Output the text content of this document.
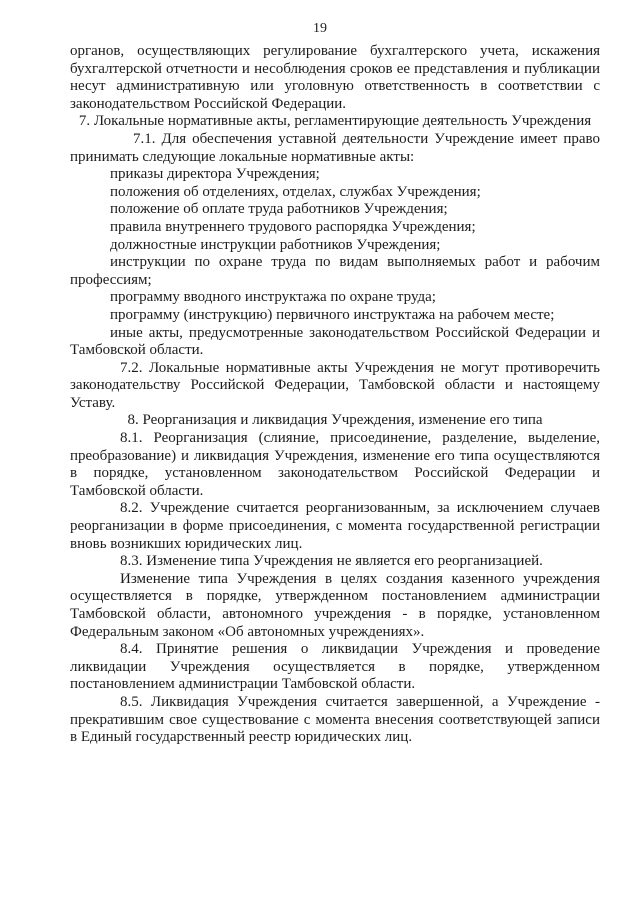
19

органов, осуществляющих регулирование бухгалтерского учета, искажения бухгалтерской отчетности и несоблюдения сроков ее представления и публикации несут административную или уголовную ответственность в соответствии с законодательством Российской Федерации.

7. Локальные нормативные акты, регламентирующие деятельность Учреждения

7.1. Для обеспечения уставной деятельности Учреждение имеет право принимать следующие локальные нормативные акты:

приказы директора Учреждения;

положения об отделениях, отделах, службах Учреждения;

положение об оплате труда работников Учреждения;

правила внутреннего трудового распорядка Учреждения;

должностные инструкции работников Учреждения;

инструкции по охране труда по видам выполняемых работ и рабочим профессиям;

программу вводного инструктажа по охране труда;

программу (инструкцию) первичного инструктажа на рабочем месте;

иные акты, предусмотренные законодательством Российской Федерации и Тамбовской области.

7.2. Локальные нормативные акты Учреждения не могут противоречить законодательству Российской Федерации, Тамбовской области и настоящему Уставу.

8. Реорганизация и ликвидация Учреждения, изменение его типа

8.1. Реорганизация (слияние, присоединение, разделение, выделение, преобразование) и ликвидация Учреждения, изменение его типа осуществляются в порядке, установленном законодательством Российской Федерации и Тамбовской области.

8.2. Учреждение считается реорганизованным, за исключением случаев реорганизации в форме присоединения, с момента государственной регистрации вновь возникших юридических лиц.

8.3. Изменение типа Учреждения не является его реорганизацией.

Изменение типа Учреждения в целях создания казенного учреждения осуществляется в порядке, утвержденном постановлением администрации Тамбовской области, автономного учреждения - в порядке, установленном Федеральным законом «Об автономных учреждениях».

8.4. Принятие решения о ликвидации Учреждения и проведение ликвидации Учреждения осуществляется в порядке, утвержденном постановлением администрации Тамбовской области.

8.5. Ликвидация Учреждения считается завершенной, а Учреждение - прекратившим свое существование с момента внесения соответствующей записи в Единый государственный реестр юридических лиц.
